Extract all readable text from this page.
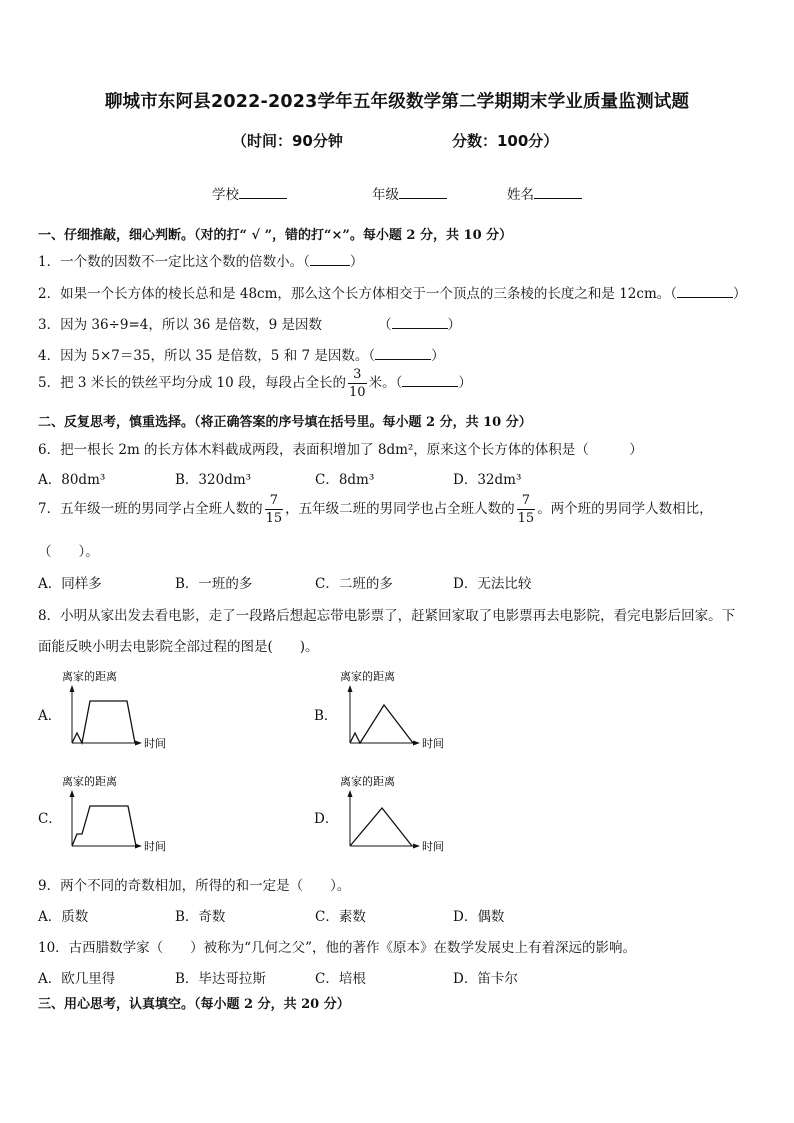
聊城市东阿县2022-2023学年五年级数学第二学期期末学业质量监测试题
（时间：90分钟	分数：100分）
学校	年级	姓名
一、仔细推敲，细心判断。（对的打“ √ ”，错的打“×”。每小题 2 分，共 10 分）
1．一个数的因数不一定比这个数的倍数小。（	）
2．如果一个长方体的棱长总和是 48cm，那么这个长方体相交于一个顶点的三条棱的长度之和是 12cm。（	）
3．因为 36÷9=4，所以 36 是倍数，9 是因数	（	）
4．因为 5×7＝35，所以 35 是倍数，5 和 7 是因数。（	）
5．把 3 米长的铁丝平均分成 10 段，每段占全长的 $\frac{3}{10}$ 米。（	）
二、反复思考，慎重选择。（将正确答案的序号填在括号里。每小题 2 分，共 10 分）
6．把一根长 2m 的长方体木料截成两段，表面积增加了 8dm²，原来这个长方体的体积是（　　　）
A．80dm³	B．320dm³	C．8dm³	D．32dm³
7．五年级一班的男同学占全班人数的 $\frac{7}{15}$ ，五年级二班的男同学也占全班人数的 $\frac{7}{15}$ 。两个班的男同学人数相比，
（　　）。
A．同样多	B．一班的多	C．二班的多	D．无法比较
8．小明从家出发去看电影，走了一段路后想起忘带电影票了，赶紧回家取了电影票再去电影院，看完电影后回家。下
面能反映小明去电影院全部过程的图是(　　)。
A．
离家的距离
时间
B．
离家的距离
时间
C．
离家的距离
时间
D．
离家的距离
时间
9．两个不同的奇数相加，所得的和一定是（　　）。
A．质数	B．奇数	C．素数	D．偶数
10．古西腊数学家（　　）被称为“几何之父”，他的著作《原本》在数学发展史上有着深远的影响。
A．欧几里得	B．毕达哥拉斯	C．培根	D．笛卡尔
三、用心思考，认真填空。（每小题 2 分，共 20 分）
